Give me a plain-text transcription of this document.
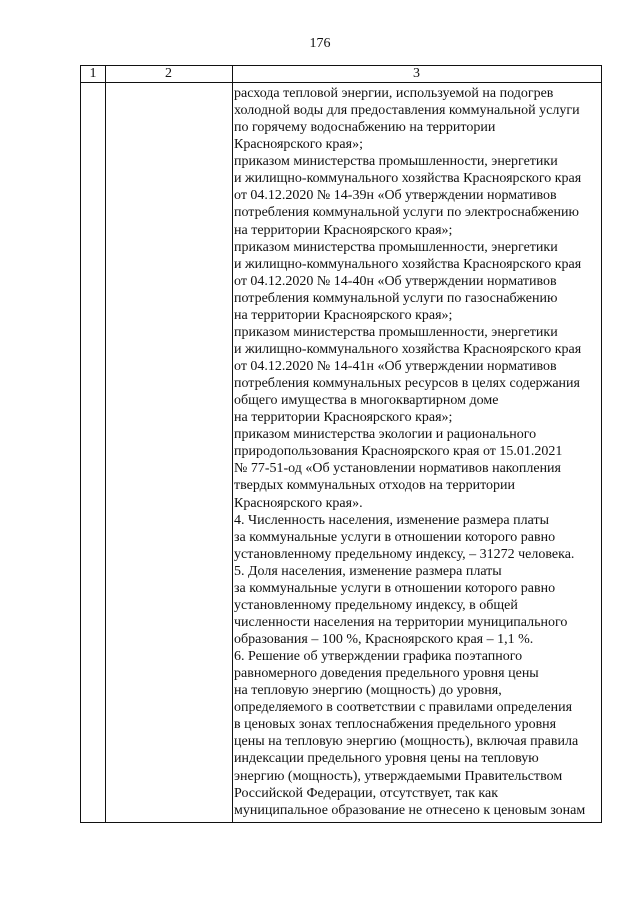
176
1	2	3
расхода тепловой энергии, используемой на подогрев
холодной воды для предоставления коммунальной услуги
по горячему водоснабжению на территории
Красноярского края»;
приказом министерства промышленности, энергетики
и жилищно-коммунального хозяйства Красноярского края
от 04.12.2020 № 14-39н «Об утверждении нормативов
потребления коммунальной услуги по электроснабжению
на территории Красноярского края»;
приказом министерства промышленности, энергетики
и жилищно-коммунального хозяйства Красноярского края
от 04.12.2020 № 14-40н «Об утверждении нормативов
потребления коммунальной услуги по газоснабжению
на территории Красноярского края»;
приказом министерства промышленности, энергетики
и жилищно-коммунального хозяйства Красноярского края
от 04.12.2020 № 14-41н «Об утверждении нормативов
потребления коммунальных ресурсов в целях содержания
общего имущества в многоквартирном доме
на территории Красноярского края»;
приказом министерства экологии и рационального
природопользования Красноярского края от 15.01.2021
№ 77-51-од «Об установлении нормативов накопления
твердых коммунальных отходов на территории
Красноярского края».
4. Численность населения, изменение размера платы
за коммунальные услуги в отношении которого равно
установленному предельному индексу, – 31272 человека.
5. Доля населения, изменение размера платы
за коммунальные услуги в отношении которого равно
установленному предельному индексу, в общей
численности населения на территории муниципального
образования – 100 %, Красноярского края – 1,1 %.
6. Решение об утверждении графика поэтапного
равномерного доведения предельного уровня цены
на тепловую энергию (мощность) до уровня,
определяемого в соответствии с правилами определения
в ценовых зонах теплоснабжения предельного уровня
цены на тепловую энергию (мощность), включая правила
индексации предельного уровня цены на тепловую
энергию (мощность), утверждаемыми Правительством
Российской Федерации, отсутствует, так как
муниципальное образование не отнесено к ценовым зонам
